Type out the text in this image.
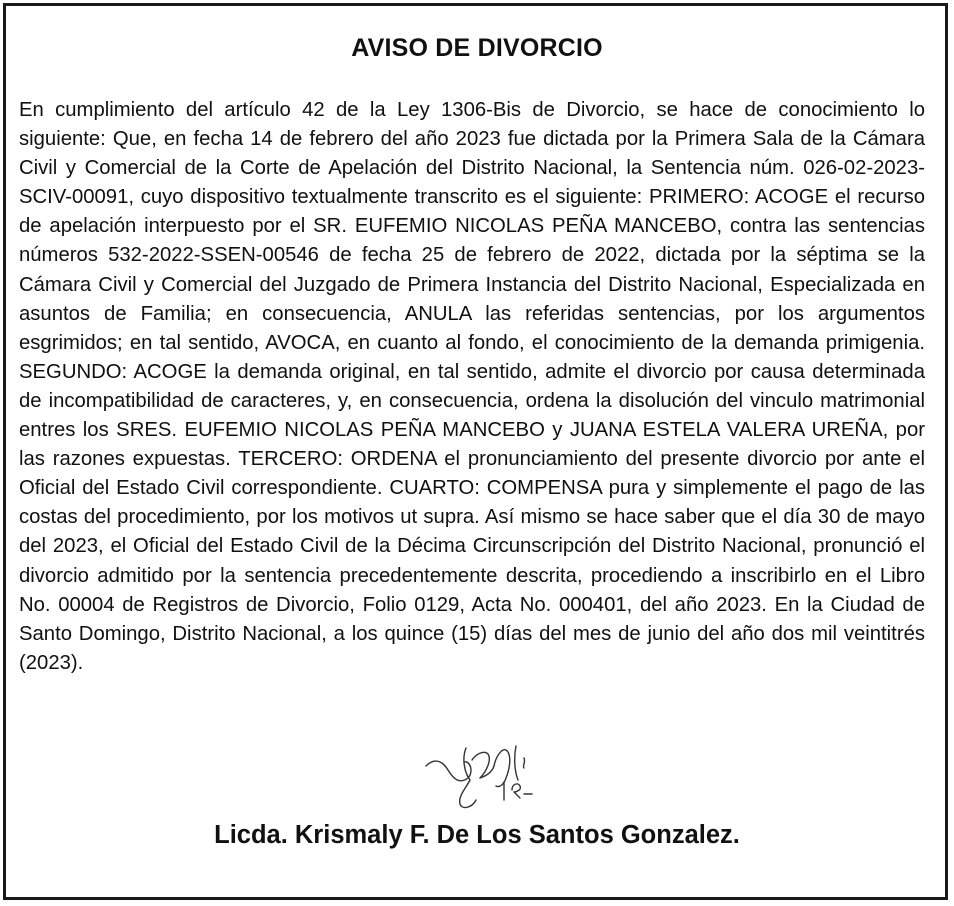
AVISO DE DIVORCIO

En cumplimiento del artículo 42 de la Ley 1306-Bis de Divorcio, se hace de conocimiento lo siguiente: Que, en fecha 14 de febrero del año 2023 fue dictada por la Primera Sala de la Cámara Civil y Comercial de la Corte de Apelación del Distrito Nacional, la Sentencia núm. 026-02-2023-SCIV-00091, cuyo dispositivo textualmente transcrito es el siguiente: PRIMERO: ACOGE el recurso de apelación interpuesto por el SR. EUFEMIO NICOLAS PEÑA MANCEBO, contra las sentencias números 532-2022-SSEN-00546 de fecha 25 de febrero de 2022, dictada por la séptima se la Cámara Civil y Comercial del Juzgado de Primera Instancia del Distrito Nacional, Especializada en asuntos de Familia; en consecuencia, ANULA las referidas sentencias, por los argumentos esgrimidos; en tal sentido, AVOCA, en cuanto al fondo, el conocimiento de la demanda primigenia. SEGUNDO: ACOGE la demanda original, en tal sentido, admite el divorcio por causa determinada de incompatibilidad de caracteres, y, en consecuencia, ordena la disolución del vinculo matrimonial entres los SRES. EUFEMIO NICOLAS PEÑA MANCEBO y JUANA ESTELA VALERA UREÑA, por las razones expuestas. TERCERO: ORDENA el pronunciamiento del presente divorcio por ante el Oficial del Estado Civil correspondiente. CUARTO: COMPENSA pura y simplemente el pago de las costas del procedimiento, por los motivos ut supra. Así mismo se hace saber que el día 30 de mayo del 2023, el Oficial del Estado Civil de la Décima Circunscripción del Distrito Nacional, pronunció el divorcio admitido por la sentencia precedentemente descrita, procediendo a inscribirlo en el Libro No. 00004 de Registros de Divorcio, Folio 0129, Acta No. 000401, del año 2023. En la Ciudad de Santo Domingo, Distrito Nacional, a los quince (15) días del mes de junio del año dos mil veintitrés (2023).

Licda. Krismaly F. De Los Santos Gonzalez.
